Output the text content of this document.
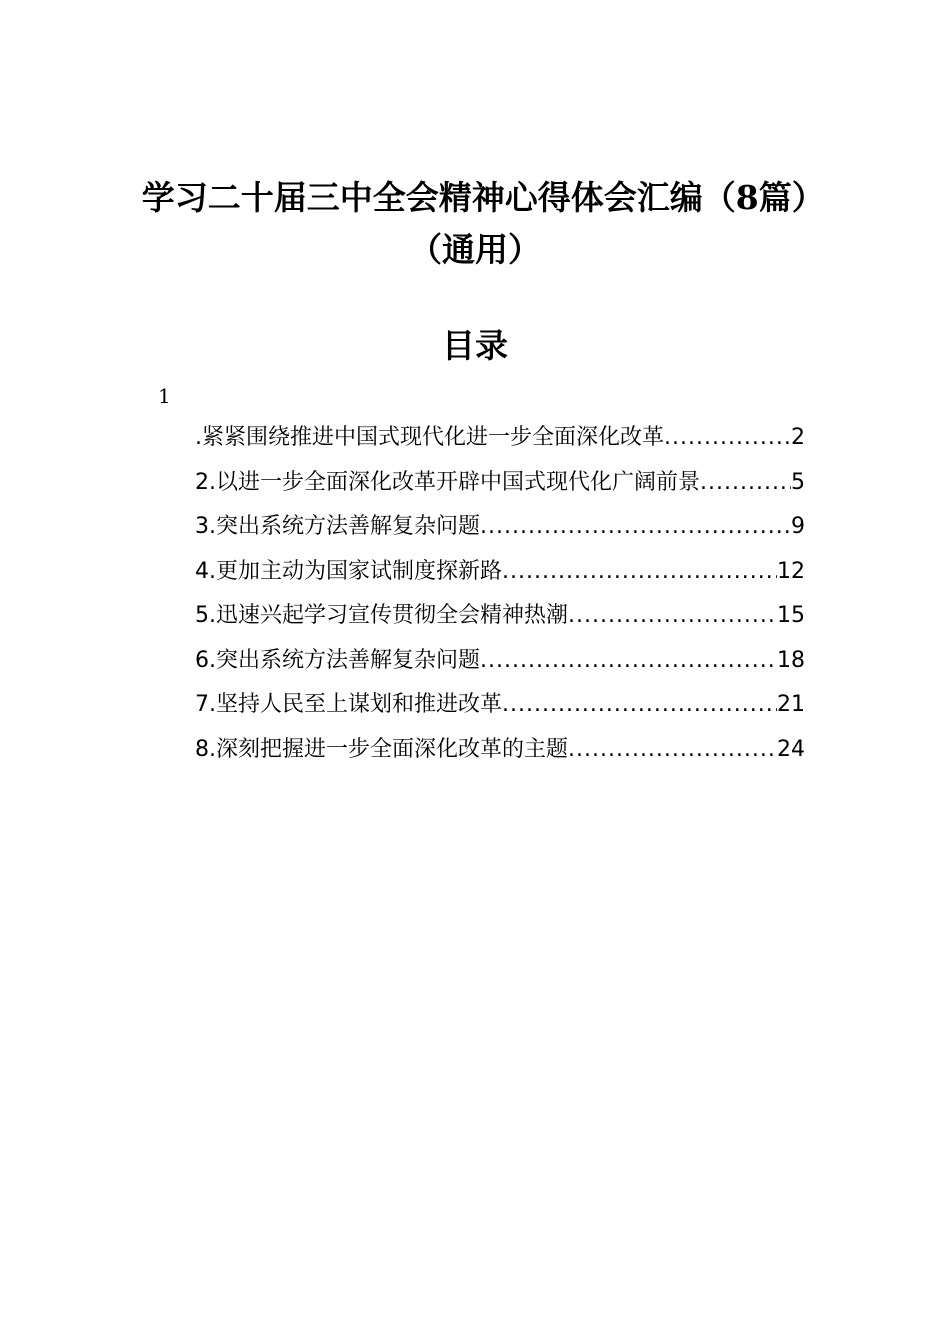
学习二十届三中全会精神心得体会汇编（8篇）（通用）
目录
1
.紧紧围绕推进中国式现代化进一步全面深化改革 .....	2
2.以进一步全面深化改革开辟中国式现代化广阔前景 .....	5
3.突出系统方法善解复杂问题 .....	9
4.更加主动为国家试制度探新路 .....	12
5.迅速兴起学习宣传贯彻全会精神热潮 .....	15
6.突出系统方法善解复杂问题 .....	18
7.坚持人民至上谋划和推进改革 .....	21
8.深刻把握进一步全面深化改革的主题 .....	24
